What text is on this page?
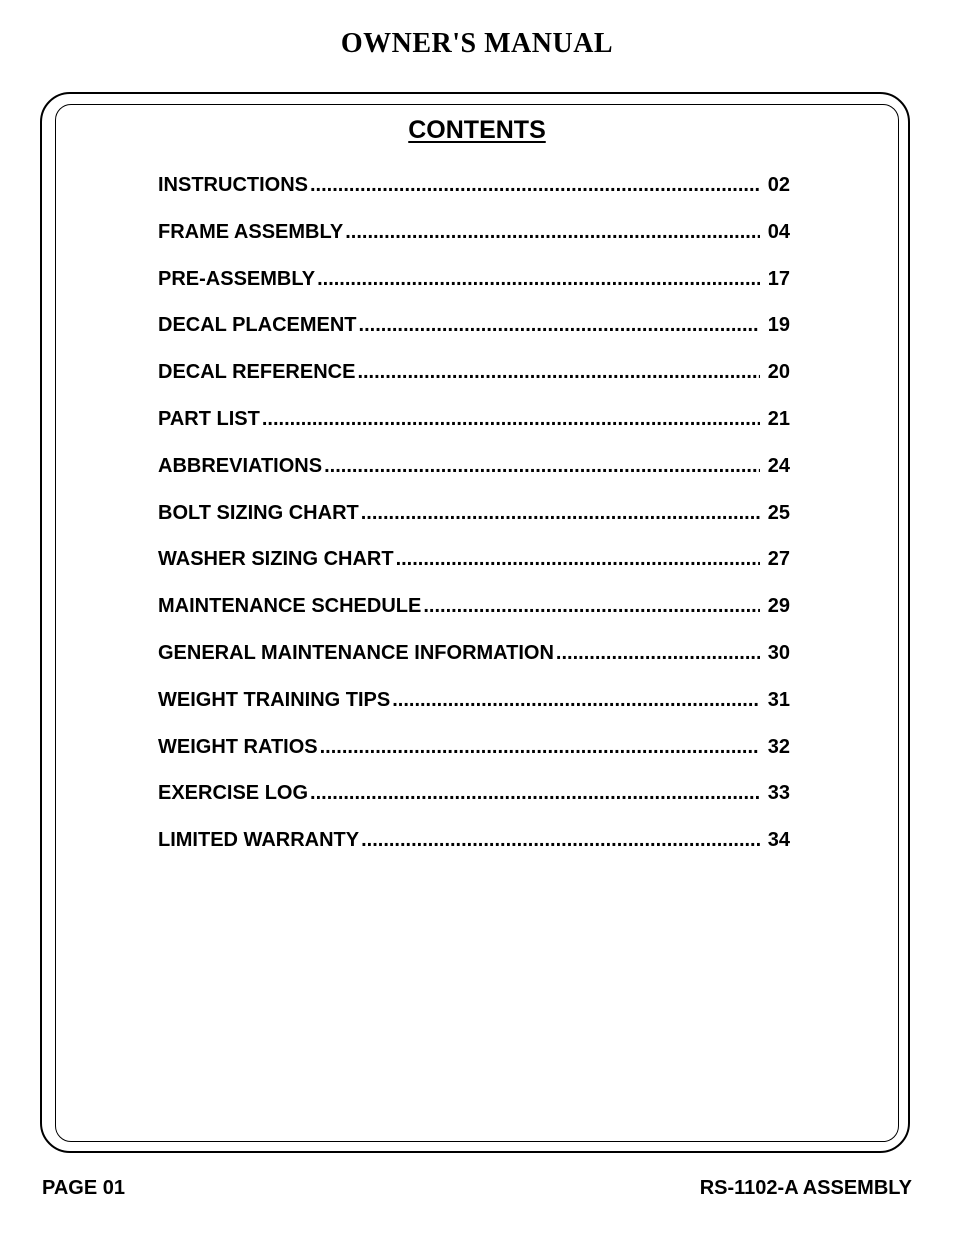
OWNER'S MANUAL
CONTENTS
INSTRUCTIONS .....	02
FRAME ASSEMBLY .....	04
PRE-ASSEMBLY .....	17
DECAL PLACEMENT .....	19
DECAL REFERENCE .....	20
PART LIST .....	21
ABBREVIATIONS .....	24
BOLT SIZING CHART .....	25
WASHER SIZING CHART .....	27
MAINTENANCE SCHEDULE .....	29
GENERAL MAINTENANCE INFORMATION .....	30
WEIGHT TRAINING TIPS .....	31
WEIGHT RATIOS .....	32
EXERCISE LOG .....	33
LIMITED WARRANTY .....	34
PAGE 01	RS-1102-A ASSEMBLY
